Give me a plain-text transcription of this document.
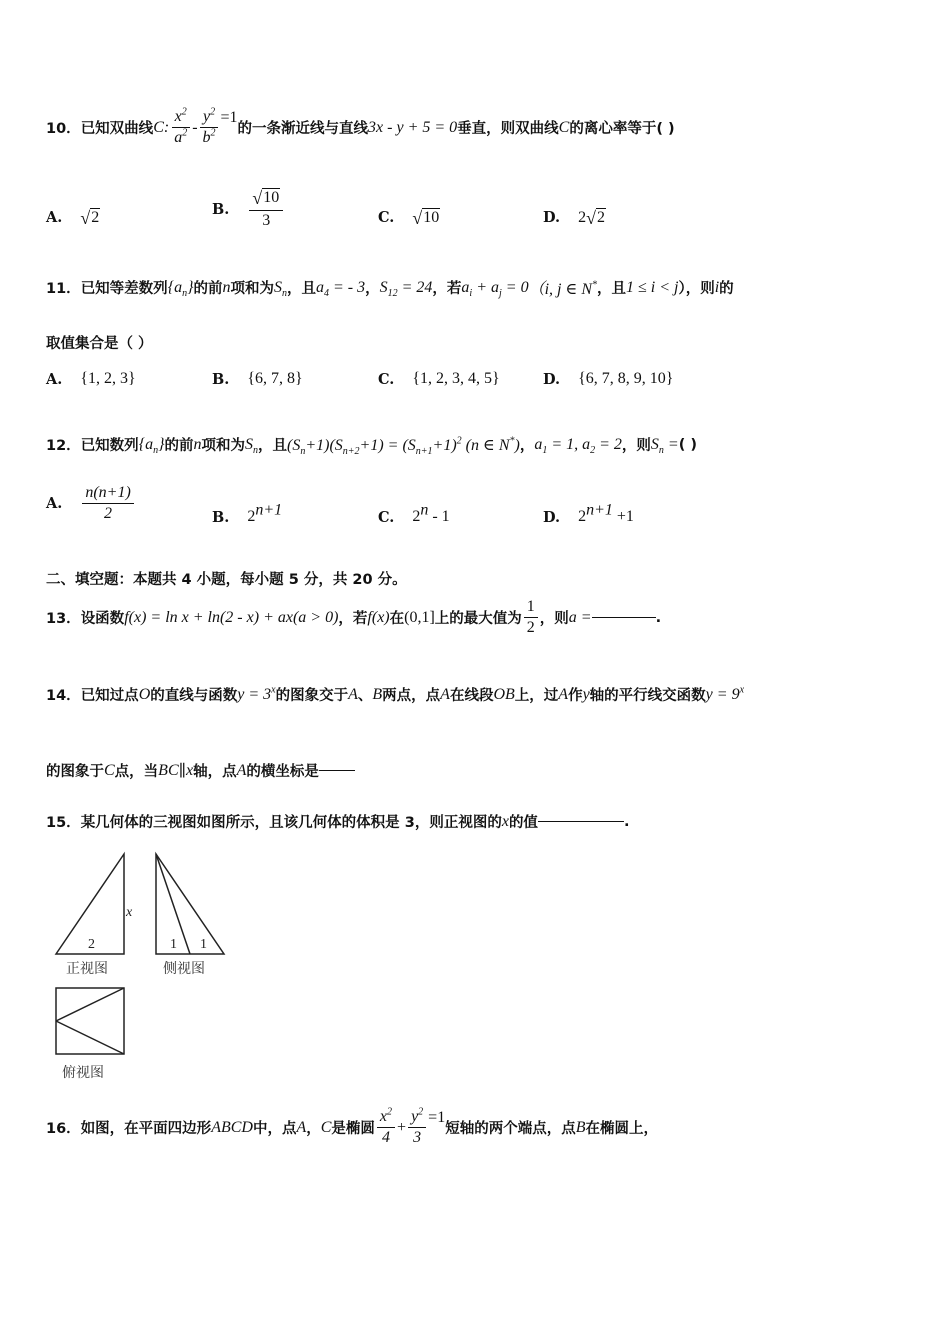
10． 已知双曲线 C: $\frac{x^2}{a^2} - \frac{y^2}{b^2} =1$
的一条渐近线与直线 3x - y + 5 = 0 垂直，则双曲线 C 的离心率等于( )
A. √ 2	B. $\frac{√ 10}{3}$	C. √ 10	D. 2 √ 2
11． 已知等差数列 $\{a_n\}$ 的前 n 项和为 $S_n$ ，且 $a_4$ = - 3 ， $S_{12} = 24$ ，若 $a_i + a_j = 0$ （i, j ∈ N* ，且 1 ≤ i < j ），则 i 的
取值集合是（ ）
A. {1, 2, 3}	B. {6, 7, 8}	C. {1, 2, 3, 4, 5}	D. {6, 7, 8, 9, 10}
12． 已知数列 $\{a_n\}$ 的前 n 项和为 $S_n$ ，且 $(S_n+1)(S_{n+2}+1) = (S_{n+1}+1)^2$ (n ∈ N*) ， $a_1 = 1$, $a_2 = 2$ ，则 $S_n$ = ( )
A. $\frac{n(n+1)}{2}$	B. $2^{n+1}$	C. 2$^n$ - 1	D. $2^{n+1} +1$
二、填空题：本题共 4 小题，每小题 5 分，共 20 分。
13． 设函数 f(x) = ln x + ln(2 - x) + ax(a > 0) ，若 f(x) 在 (0,1] 上的最大值为 $\frac{1}{2}$ ，则 a =	.
14． 已知过点 O 的直线与函数 $y = 3^x$ 的图象交于 A 、 B 两点，点 A 在线段 OB 上，过 A 作 y 轴的平行线交函数 $y = 9^x$
的图象于 C 点，当 BC ∥ x 轴，点 A 的横坐标是
15． 某几何体的三视图如图所示，且该几何体的体积是 3，则正视图的 x 的值	.
2
x
1 1
正视图	侧视图
俯视图
16． 如图，在平面四边形 ABCD 中，点 A ， C 是椭圆 $\frac{x^2}{4} + \frac{y^2}{3} =1$
短轴的两个端点，点 B 在椭圆上，
